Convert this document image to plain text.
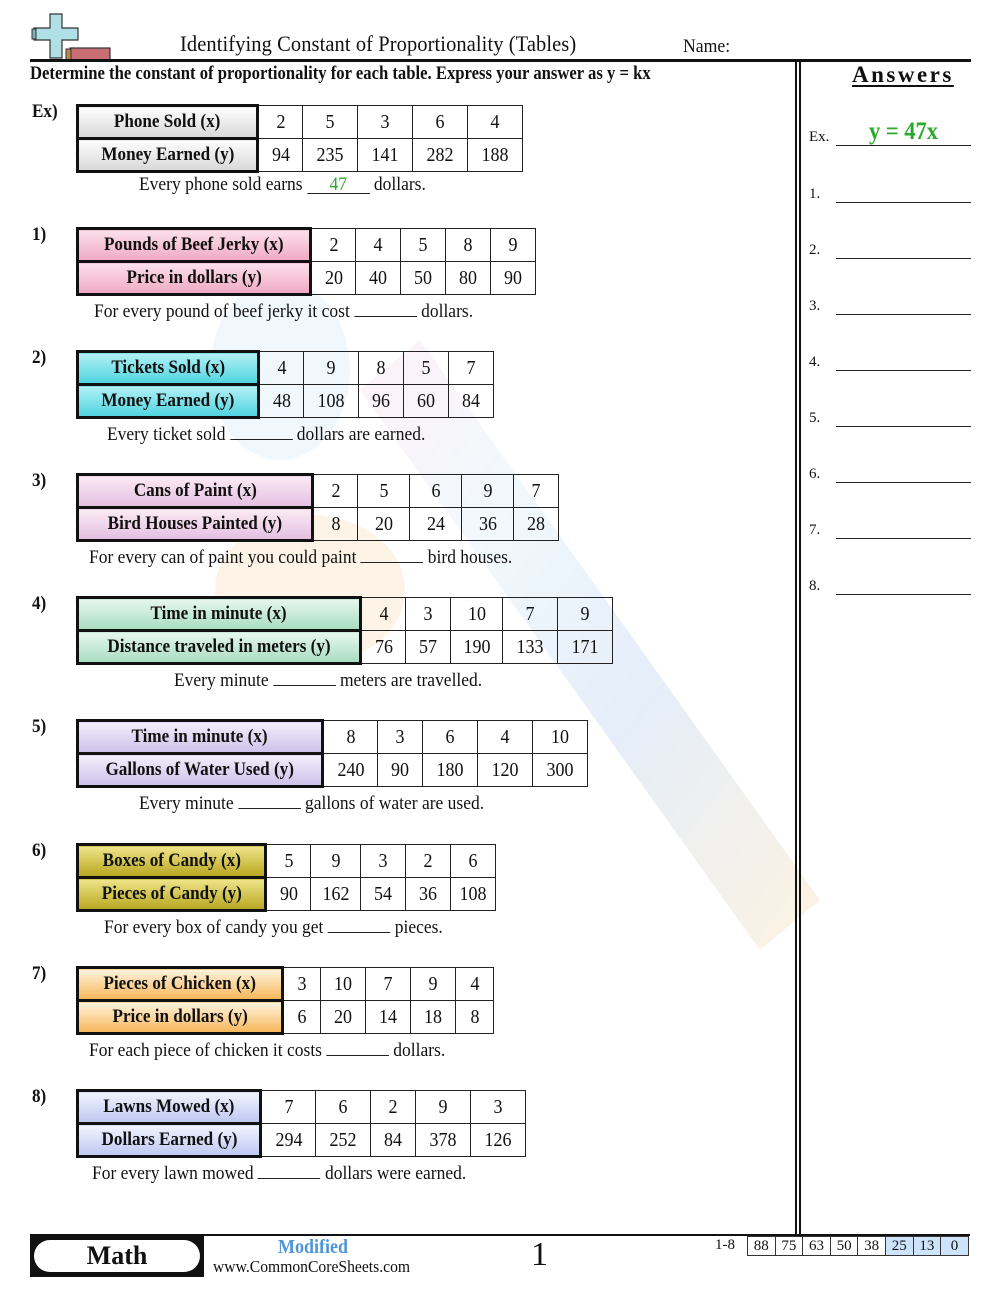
Identifying Constant of Proportionality (Tables)	Name:
Determine the constant of proportionality for each table. Express your answer as y = kx	Answers
Ex.	y = 47x
1.
2.
3.
4.
5.
6.
7.
8.
Ex)	Phone Sold (x)	2	5	3	6	4
Money Earned (y)	94	235	141	282	188
Every phone sold earns 47 dollars.
1)	Pounds of Beef Jerky (x)	2	4	5	8	9
Price in dollars (y)	20	40	50	80	90
For every pound of beef jerky it cost	dollars.
2)	Tickets Sold (x)	4	9	8	5	7
Money Earned (y)	48	108	96	60	84
Every ticket sold	dollars are earned.
3)	Cans of Paint (x)	2	5	6	9	7
Bird Houses Painted (y)	8	20	24	36	28
For every can of paint you could paint	bird houses.
4)	Time in minute (x)	4	3	10	7	9
Distance traveled in meters (y)	76	57	190	133	171
Every minute	meters are travelled.
5)	Time in minute (x)	8	3	6	4	10
Gallons of Water Used (y)	240	90	180	120	300
Every minute	gallons of water are used.
6)	Boxes of Candy (x)	5	9	3	2	6
Pieces of Candy (y)	90	162	54	36	108
For every box of candy you get	pieces.
7)	Pieces of Chicken (x)	3	10	7	9	4
Price in dollars (y)	6	20	14	18	8
For each piece of chicken it costs	dollars.
8)	Lawns Mowed (x)	7	6	2	9	3
Dollars Earned (y)	294	252	84	378	126
For every lawn mowed	dollars were earned.
Math	Modified
www.CommonCoreSheets.com	1	1-8 88	75	63	50	38	25	13	0
